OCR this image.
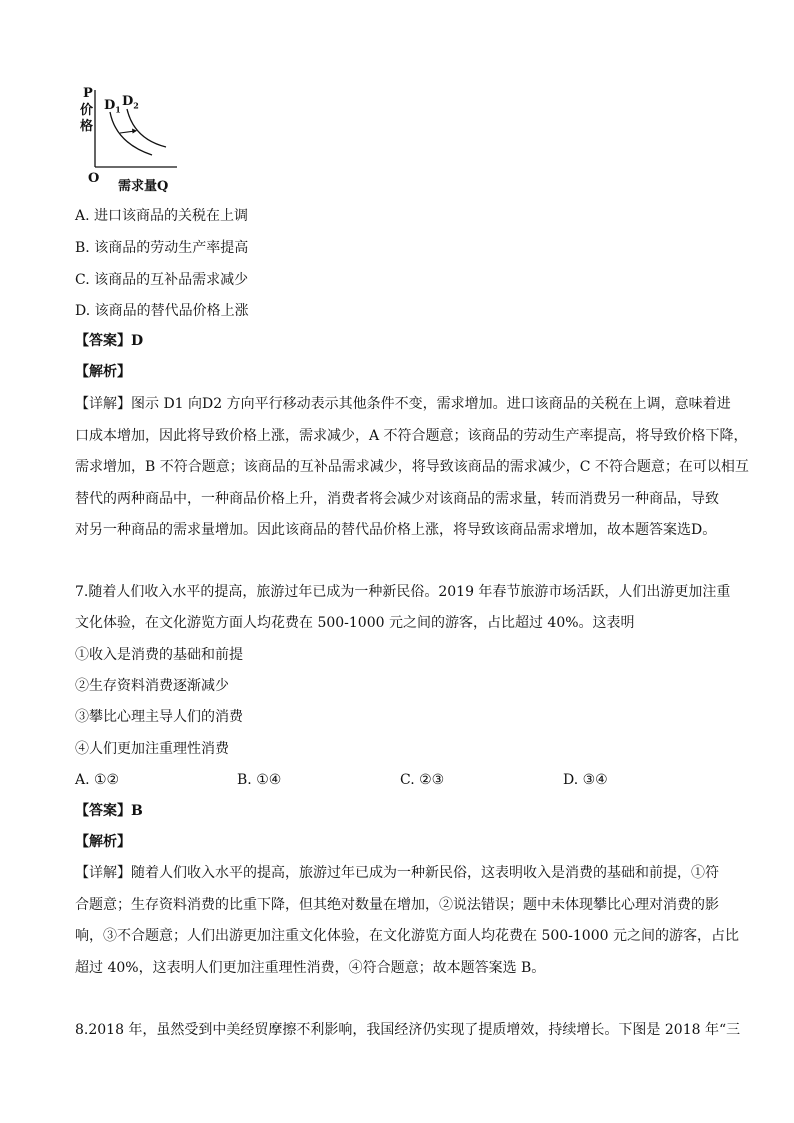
P
价
格
$D_1$
$D_2$
O
需求量Q
A. 进口该商品的关税在上调
B. 该商品的劳动生产率提高
C. 该商品的互补品需求减少
D. 该商品的替代品价格上涨
【答案】D
【解析】
【详解】图示 D1 向D2 方向平行移动表示其他条件不变，需求增加。进口该商品的关税在上调，意味着进
口成本增加，因此将导致价格上涨，需求减少，A 不符合题意；该商品的劳动生产率提高，将导致价格下降，
需求增加，B 不符合题意；该商品的互补品需求减少，将导致该商品的需求减少，C 不符合题意；在可以相互
替代的两种商品中，一种商品价格上升，消费者将会减少对该商品的需求量，转而消费另一种商品，导致
对另一种商品的需求量增加。因此该商品的替代品价格上涨，将导致该商品需求增加，故本题答案选D。
7.随着人们收入水平的提高，旅游过年已成为一种新民俗。2019 年春节旅游市场活跃，人们出游更加注重
文化体验，在文化游览方面人均花费在 500-1000 元之间的游客，占比超过 40%。这表明
①收入是消费的基础和前提
②生存资料消费逐渐减少
③攀比心理主导人们的消费
④人们更加注重理性消费
A. ①②	B. ①④	C. ②③	D. ③④
【答案】B
【解析】
【详解】随着人们收入水平的提高，旅游过年已成为一种新民俗，这表明收入是消费的基础和前提，①符
合题意；生存资料消费的比重下降，但其绝对数量在增加，②说法错误；题中未体现攀比心理对消费的影
响，③不合题意；人们出游更加注重文化体验，在文化游览方面人均花费在 500-1000 元之间的游客，占比
超过 40%，这表明人们更加注重理性消费，④符合题意；故本题答案选 B。
8.2018 年，虽然受到中美经贸摩擦不利影响，我国经济仍实现了提质增效，持续增长。下图是 2018 年“三
